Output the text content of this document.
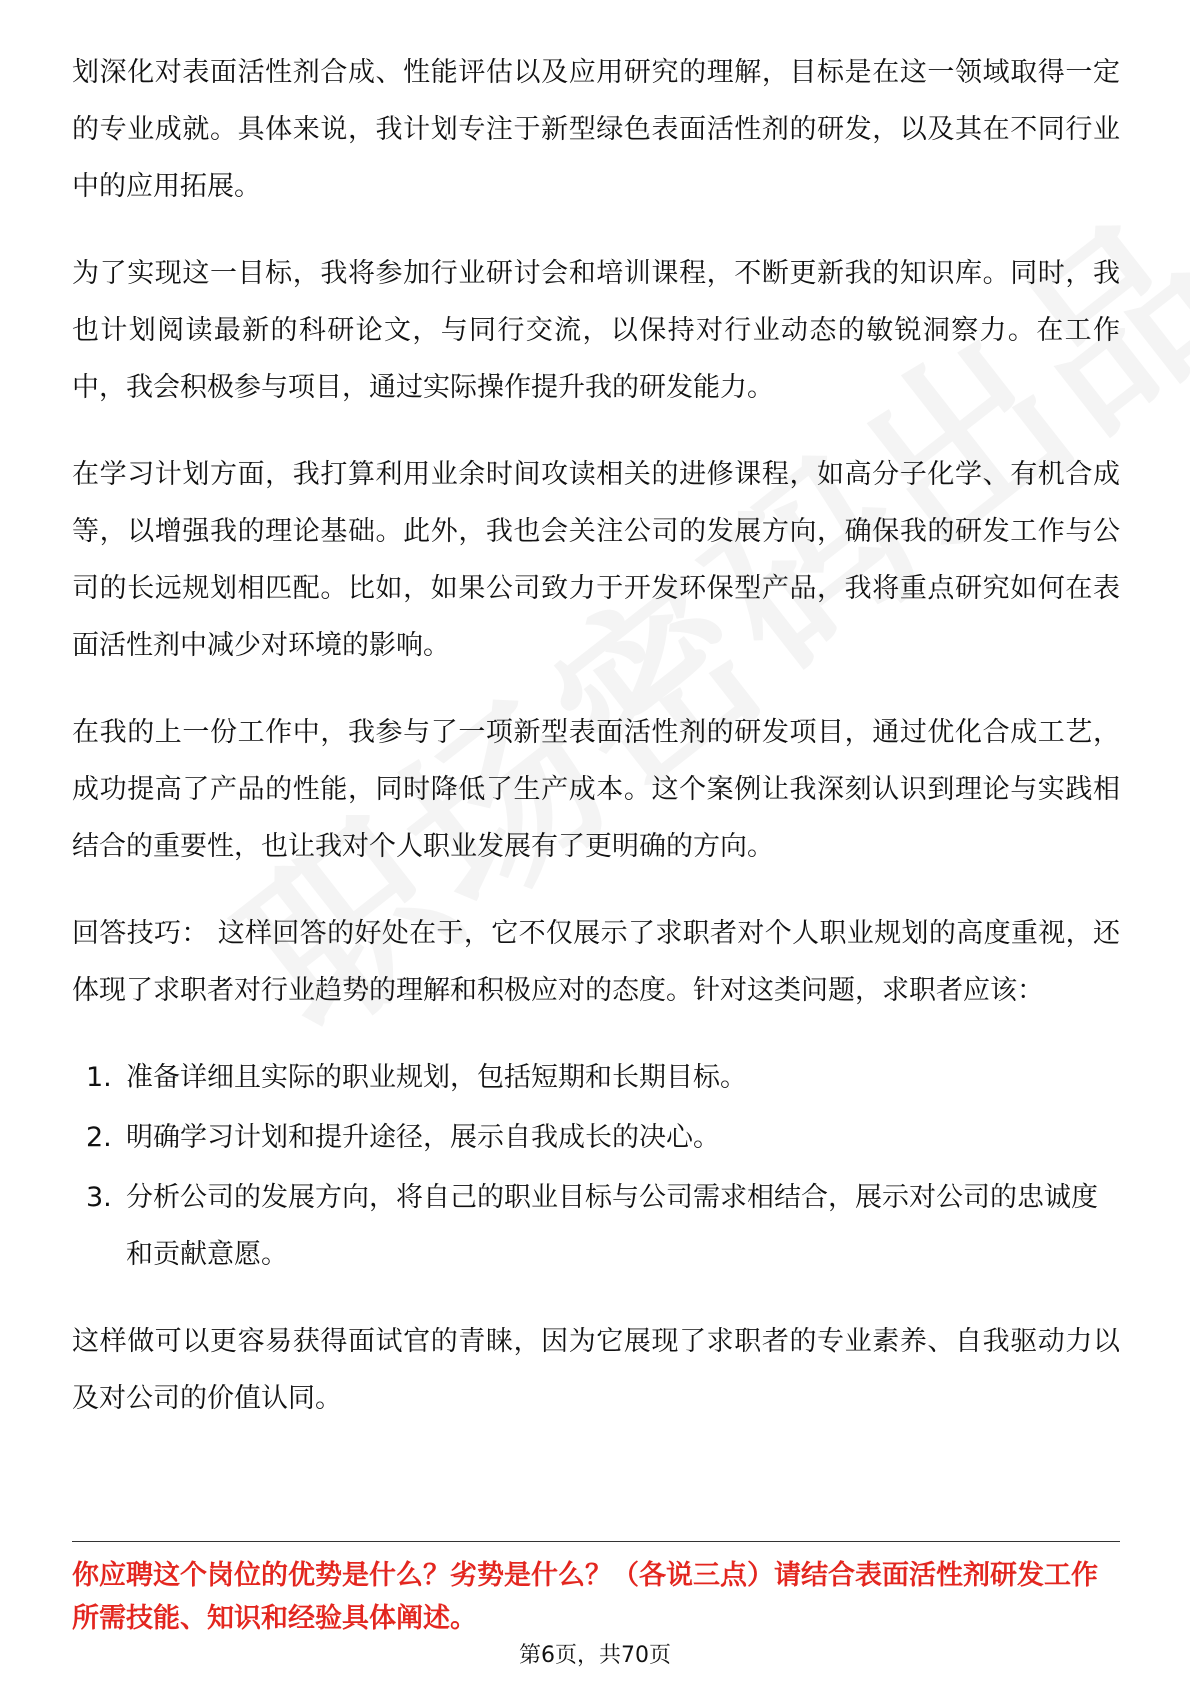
划深化对表面活性剂合成、性能评估以及应用研究的理解，目标是在这一领域取得一定的专业成就。具体来说，我计划专注于新型绿色表面活性剂的研发，以及其在不同行业中的应用拓展。

为了实现这一目标，我将参加行业研讨会和培训课程，不断更新我的知识库。同时，我也计划阅读最新的科研论文，与同行交流，以保持对行业动态的敏锐洞察力。在工作中，我会积极参与项目，通过实际操作提升我的研发能力。

在学习计划方面，我打算利用业余时间攻读相关的进修课程，如高分子化学、有机合成等，以增强我的理论基础。此外，我也会关注公司的发展方向，确保我的研发工作与公司的长远规划相匹配。比如，如果公司致力于开发环保型产品，我将重点研究如何在表面活性剂中减少对环境的影响。

在我的上一份工作中，我参与了一项新型表面活性剂的研发项目，通过优化合成工艺，成功提高了产品的性能，同时降低了生产成本。这个案例让我深刻认识到理论与实践相结合的重要性，也让我对个人职业发展有了更明确的方向。

回答技巧： 这样回答的好处在于，它不仅展示了求职者对个人职业规划的高度重视，还体现了求职者对行业趋势的理解和积极应对的态度。针对这类问题，求职者应该：

1. 准备详细且实际的职业规划，包括短期和长期目标。
2. 明确学习计划和提升途径，展示自我成长的决心。
3. 分析公司的发展方向，将自己的职业目标与公司需求相结合，展示对公司的忠诚度和贡献意愿。

这样做可以更容易获得面试官的青睐，因为它展现了求职者的专业素养、自我驱动力以及对公司的价值认同。

你应聘这个岗位的优势是什么？劣势是什么？（各说三点）请结合表面活性剂研发工作所需技能、知识和经验具体阐述。
第6页，共70页
